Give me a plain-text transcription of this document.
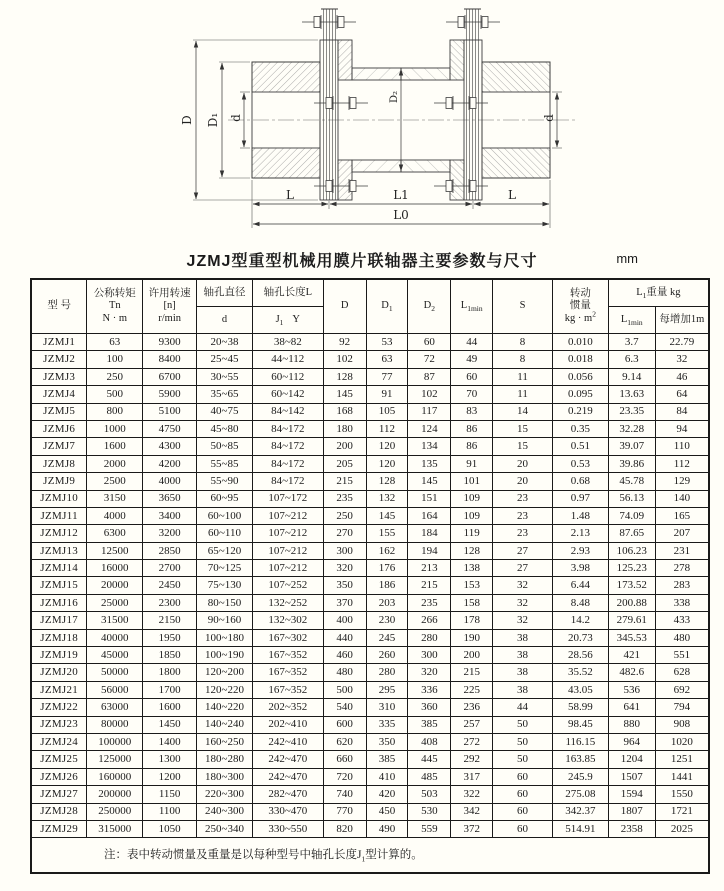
D D₁ d
D₂
d
L	L1	L
L0
JZMJ型重型机械用膜片联轴器主要参数与尺寸	mm
型 号	公称转矩
Tn
N · m	许用转速
[n]
r/min	轴孔直径	轴孔长度L	D	$D_1$	$D_2$	$L_{1min}$	S	转动
惯量
kg · $m^2$	$L_1$重量 kg	
			d	$J_1$ Y							$L_{1min}$	每增加1m
JZMJ1	63	9300	20~38	38~82	92	53	60	44	8	0.010	3.7	22.79
JZMJ2	100	8400	25~45	44~112	102	63	72	49	8	0.018	6.3	32
JZMJ3	250	6700	30~55	60~112	128	77	87	60	11	0.056	9.14	46
JZMJ4	500	5900	35~65	60~142	145	91	102	70	11	0.095	13.63	64
JZMJ5	800	5100	40~75	84~142	168	105	117	83	14	0.219	23.35	84
JZMJ6	1000	4750	45~80	84~172	180	112	124	86	15	0.35	32.28	94
JZMJ7	1600	4300	50~85	84~172	200	120	134	86	15	0.51	39.07	110
JZMJ8	2000	4200	55~85	84~172	205	120	135	91	20	0.53	39.86	112
JZMJ9	2500	4000	55~90	84~172	215	128	145	101	20	0.68	45.78	129
JZMJ10	3150	3650	60~95	107~172	235	132	151	109	23	0.97	56.13	140
JZMJ11	4000	3400	60~100	107~212	250	145	164	109	23	1.48	74.09	165
JZMJ12	6300	3200	60~110	107~212	270	155	184	119	23	2.13	87.65	207
JZMJ13	12500	2850	65~120	107~212	300	162	194	128	27	2.93	106.23	231
JZMJ14	16000	2700	70~125	107~212	320	176	213	138	27	3.98	125.23	278
JZMJ15	20000	2450	75~130	107~252	350	186	215	153	32	6.44	173.52	283
JZMJ16	25000	2300	80~150	132~252	370	203	235	158	32	8.48	200.88	338
JZMJ17	31500	2150	90~160	132~302	400	230	266	178	32	14.2	279.61	433
JZMJ18	40000	1950	100~180	167~302	440	245	280	190	38	20.73	345.53	480
JZMJ19	45000	1850	100~190	167~352	460	260	300	200	38	28.56	421	551
JZMJ20	50000	1800	120~200	167~352	480	280	320	215	38	35.52	482.6	628
JZMJ21	56000	1700	120~220	167~352	500	295	336	225	38	43.05	536	692
JZMJ22	63000	1600	140~220	202~352	540	310	360	236	44	58.99	641	794
JZMJ23	80000	1450	140~240	202~410	600	335	385	257	50	98.45	880	908
JZMJ24	100000	1400	160~250	242~410	620	350	408	272	50	116.15	964	1020
JZMJ25	125000	1300	180~280	242~470	660	385	445	292	50	163.85	1204	1251
JZMJ26	160000	1200	180~300	242~470	720	410	485	317	60	245.9	1507	1441
JZMJ27	200000	1150	220~300	282~470	740	420	503	322	60	275.08	1594	1550
JZMJ28	250000	1100	240~300	330~470	770	450	530	342	60	342.37	1807	1721
JZMJ29	315000	1050	250~340	330~550	820	490	559	372	60	514.91	2358	2025
注：表中转动惯量及重量是以每种型号中轴孔长度$J_1$型计算的。												
